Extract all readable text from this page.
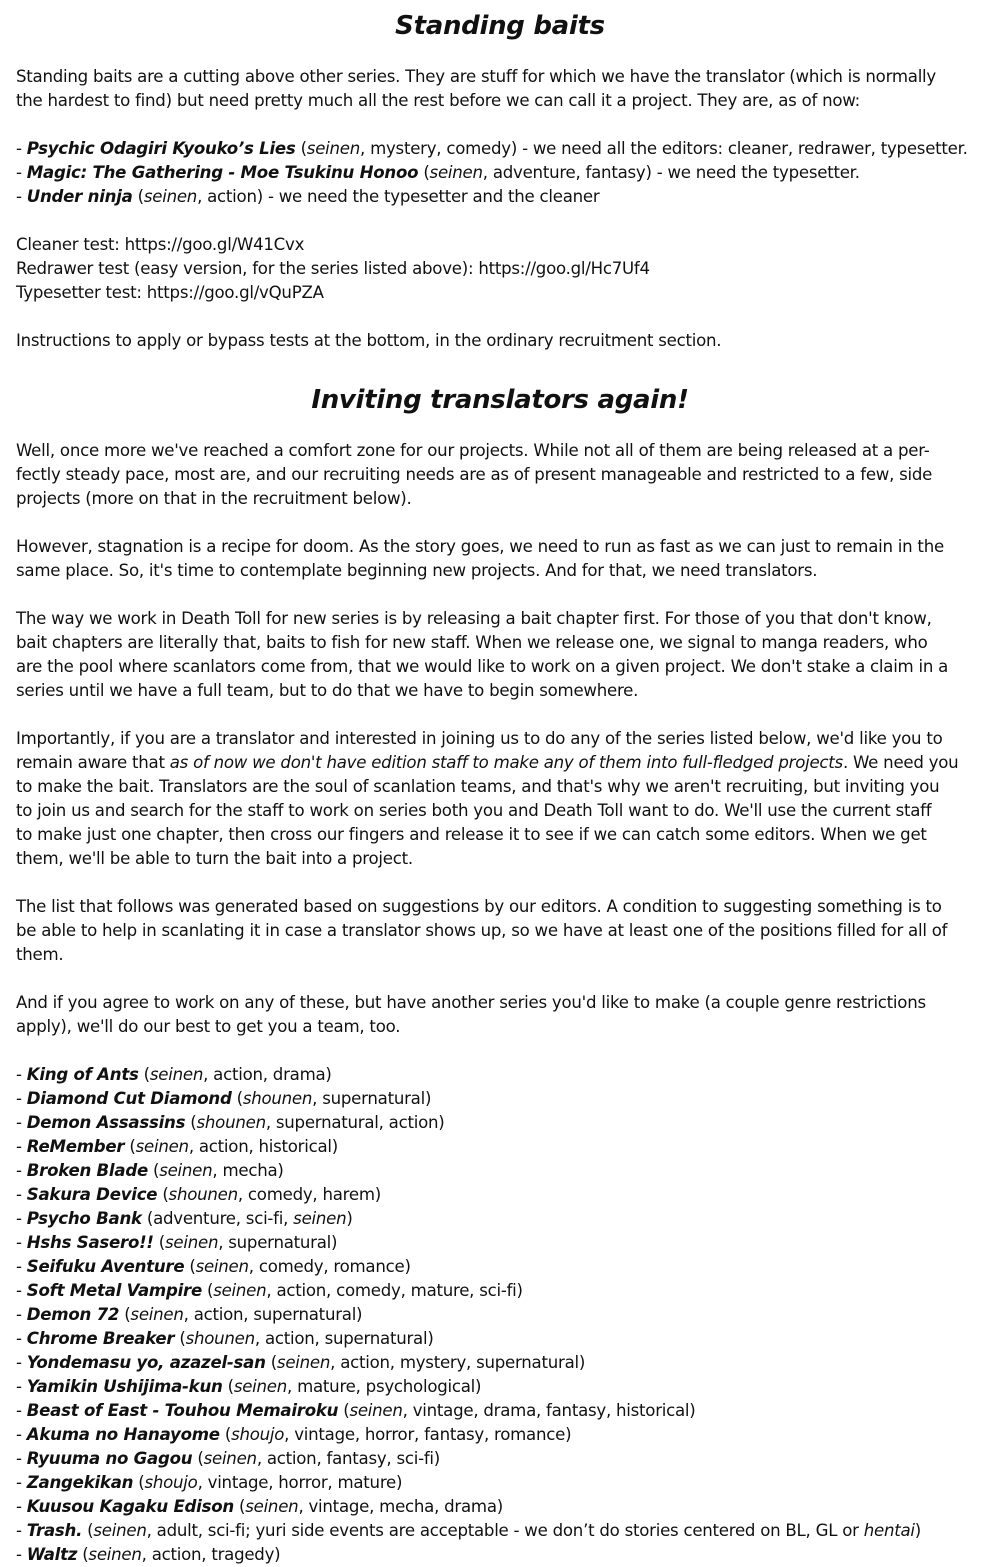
Standing baits

Standing baits are a cutting above other series. They are stuff for which we have the translator (which is normally
the hardest to find) but need pretty much all the rest before we can call it a project. They are, as of now:

- Psychic Odagiri Kyouko’s Lies (seinen, mystery, comedy) - we need all the editors: cleaner, redrawer, typesetter.
- Magic: The Gathering - Moe Tsukinu Honoo (seinen, adventure, fantasy) - we need the typesetter.
- Under ninja (seinen, action) - we need the typesetter and the cleaner
Cleaner test: https://goo.gl/W41Cvx
Redrawer test (easy version, for the series listed above): https://goo.gl/Hc7Uf4
Typesetter test: https://goo.gl/vQuPZA

Instructions to apply or bypass tests at the bottom, in the ordinary recruitment section.

Inviting translators again!

Well, once more we've reached a comfort zone for our projects. While not all of them are being released at a per-
fectly steady pace, most are, and our recruiting needs are as of present manageable and restricted to a few, side
projects (more on that in the recruitment below).

However, stagnation is a recipe for doom. As the story goes, we need to run as fast as we can just to remain in the
same place. So, it's time to contemplate beginning new projects. And for that, we need translators.

The way we work in Death Toll for new series is by releasing a bait chapter first. For those of you that don't know,
bait chapters are literally that, baits to fish for new staff. When we release one, we signal to manga readers, who
are the pool where scanlators come from, that we would like to work on a given project. We don't stake a claim in a
series until we have a full team, but to do that we have to begin somewhere.

Importantly, if you are a translator and interested in joining us to do any of the series listed below, we'd like you to
remain aware that as of now we don't have edition staff to make any of them into full-fledged projects. We need you
to make the bait. Translators are the soul of scanlation teams, and that's why we aren't recruiting, but inviting you
to join us and search for the staff to work on series both you and Death Toll want to do. We'll use the current staff
to make just one chapter, then cross our fingers and release it to see if we can catch some editors. When we get
them, we'll be able to turn the bait into a project.

The list that follows was generated based on suggestions by our editors. A condition to suggesting something is to
be able to help in scanlating it in case a translator shows up, so we have at least one of the positions filled for all of
them.

And if you agree to work on any of these, but have another series you'd like to make (a couple genre restrictions
apply), we'll do our best to get you a team, too.

- King of Ants (seinen, action, drama)
- Diamond Cut Diamond (shounen, supernatural)
- Demon Assassins (shounen, supernatural, action)
- ReMember (seinen, action, historical)
- Broken Blade (seinen, mecha)
- Sakura Device (shounen, comedy, harem)
- Psycho Bank (adventure, sci-fi, seinen)
- Hshs Sasero!! (seinen, supernatural)
- Seifuku Aventure (seinen, comedy, romance)
- Soft Metal Vampire (seinen, action, comedy, mature, sci-fi)
- Demon 72 (seinen, action, supernatural)
- Chrome Breaker (shounen, action, supernatural)
- Yondemasu yo, azazel-san (seinen, action, mystery, supernatural)
- Yamikin Ushijima-kun (seinen, mature, psychological)
- Beast of East - Touhou Memairoku (seinen, vintage, drama, fantasy, historical)
- Akuma no Hanayome (shoujo, vintage, horror, fantasy, romance)
- Ryuuma no Gagou (seinen, action, fantasy, sci-fi)
- Zangekikan (shoujo, vintage, horror, mature)
- Kuusou Kagaku Edison (seinen, vintage, mecha, drama)
- Trash. (seinen, adult, sci-fi; yuri side events are acceptable - we don’t do stories centered on BL, GL or hentai)
- Waltz (seinen, action, tragedy)
